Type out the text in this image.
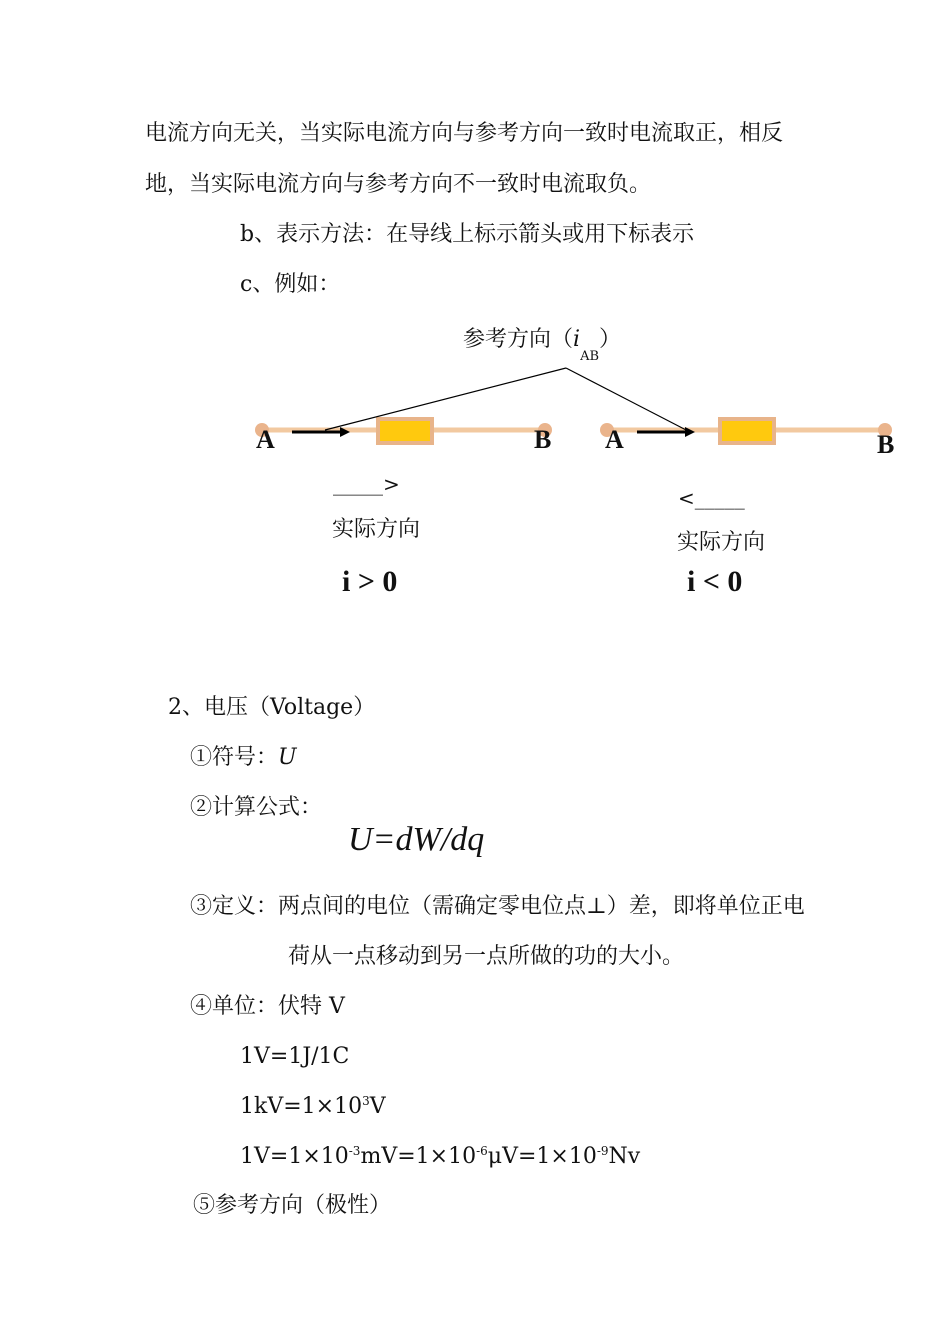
电流方向无关，当实际电流方向与参考方向一致时电流取正，相反
地，当实际电流方向与参考方向不一致时电流取负。
b、表示方法：在导线上标示箭头或用下标表示
c、例如：
参考方向$(i_{AB})$
A	B A	B
_____>
实际方向
i > 0
<_____
实际方向
i < 0
2、电压（Voltage）
①符号：U
②计算公式：
U=dW/dq
③定义：两点间的电位（需确定零电位点⊥）差，即将单位正电
荷从一点移动到另一点所做的功的大小。
④单位：伏特 V
1V=1J/1C
$1kV=1\times 10^3V$
$1V=1\times 10^{-3}mV=1\times 10^{-6}\mu V=1\times 10^{-9}Nv$
⑤参考方向（极性）
